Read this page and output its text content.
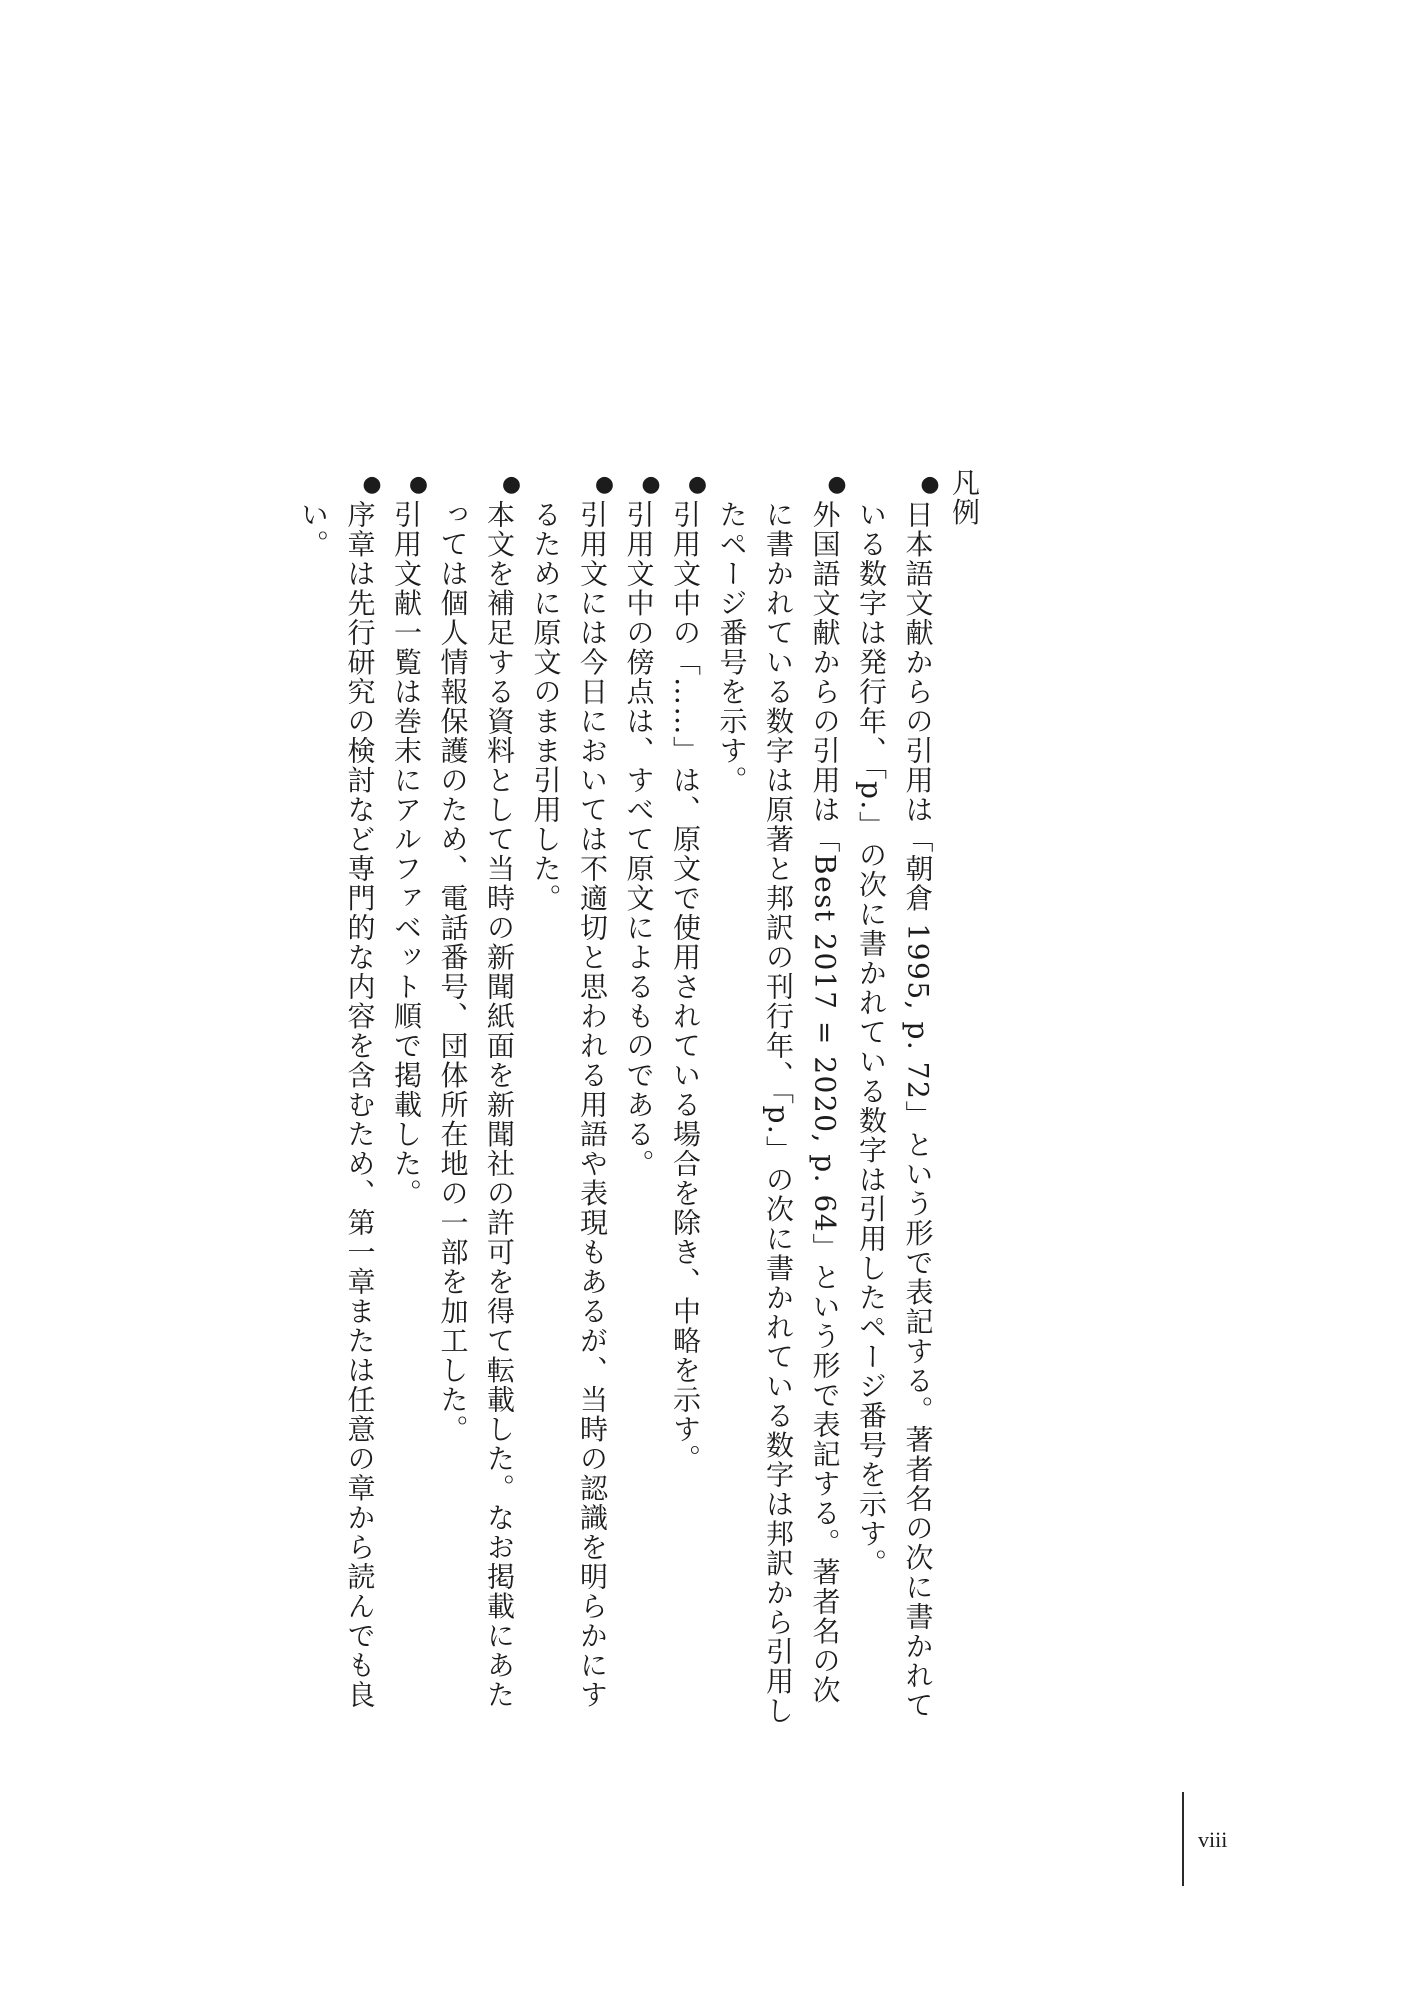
凡例
●
日本語文献からの引用は「朝倉 1995, p. 72」という形で表記する。著者名の次に書かれている数字は発行年、「p.」の次に書かれている数字は引用したページ番号を示す。
●
外国語文献からの引用は「Best 2017 = 2020, p. 64」という形で表記する。著者名の次に書かれている数字は原著と邦訳の刊行年、「p.」の次に書かれている数字は邦訳から引用したページ番号を示す。
●
引用文中の「……」は、原文で使用されている場合を除き、中略を示す。
●
引用文中の傍点は、すべて原文によるものである。
●
引用文には今日においては不適切と思われる用語や表現もあるが、当時の認識を明らかにするために原文のまま引用した。
●
本文を補足する資料として当時の新聞紙面を新聞社の許可を得て転載した。なお掲載にあたっては個人情報保護のため、電話番号、団体所在地の一部を加工した。
●
引用文献一覧は巻末にアルファベット順で掲載した。
●
序章は先行研究の検討など専門的な内容を含むため、第一章または任意の章から読んでも良い。
viii
